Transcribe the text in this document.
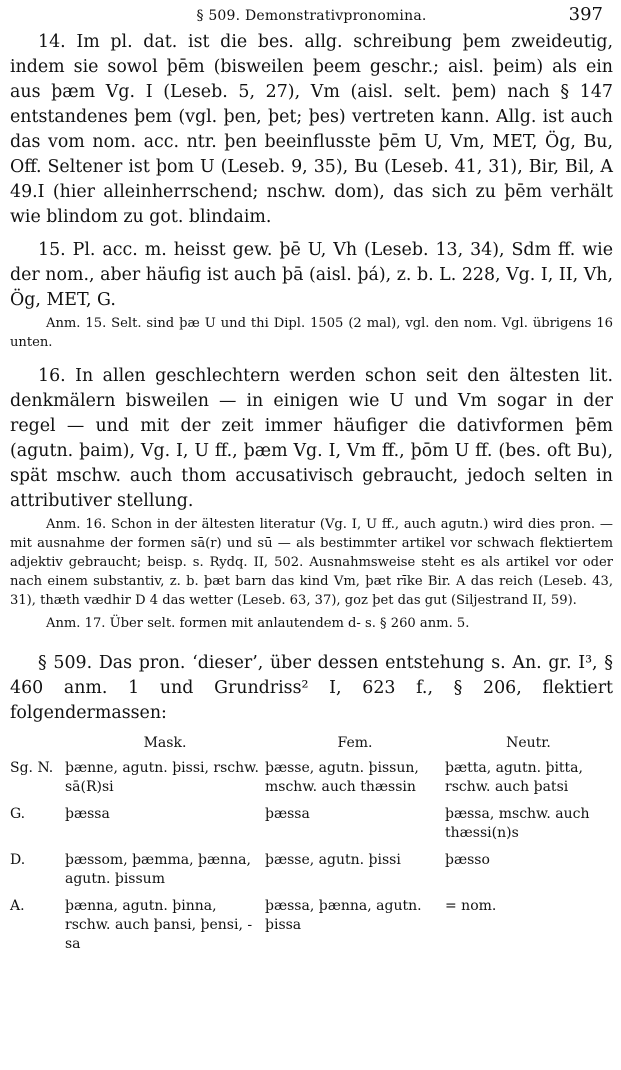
§ 509. Demonstrativpronomina.	397

14. Im pl. dat. ist die bes. allg. schreibung þem zweideutig, indem sie sowol þēm (bisweilen þeem geschr.; aisl. þeim) als ein aus þæm Vg. I (Leseb. 5, 27), Vm (aisl. selt. þem) nach § 147 entstandenes þem (vgl. þen, þet; þes) vertreten kann. Allg. ist auch das vom nom. acc. ntr. þen beeinflusste þēm U, Vm, MET, Ög, Bu, Off. Seltener ist þom U (Leseb. 9, 35), Bu (Leseb. 41, 31), Bir, Bil, A 49.I (hier alleinherrschend; nschw. dom), das sich zu þēm verhält wie blindom zu got. blindaim.

15. Pl. acc. m. heisst gew. þē U, Vh (Leseb. 13, 34), Sdm ff. wie der nom., aber häufig ist auch þā (aisl. þá), z. b. L. 228, Vg. I, II, Vh, Ög, MET, G.

Anm. 15. Selt. sind þæ U und thi Dipl. 1505 (2 mal), vgl. den nom. Vgl. übrigens 16 unten.

16. In allen geschlechtern werden schon seit den ältesten lit. denkmälern bisweilen — in einigen wie U und Vm sogar in der regel — und mit der zeit immer häufiger die dativformen þēm (agutn. þaim), Vg. I, U ff., þæm Vg. I, Vm ff., þōm U ff. (bes. oft Bu), spät mschw. auch thom accusativisch gebraucht, jedoch selten in attributiver stellung.

Anm. 16. Schon in der ältesten literatur (Vg. I, U ff., auch agutn.) wird dies pron. — mit ausnahme der formen sā(r) und sū — als bestimmter artikel vor schwach flektiertem adjektiv gebraucht; beisp. s. Rydq. II, 502. Ausnahmsweise steht es als artikel vor oder nach einem substantiv, z. b. þæt barn das kind Vm, þæt rīke Bir. A das reich (Leseb. 43, 31), thæth vædhir D 4 das wetter (Leseb. 63, 37), goz þet das gut (Siljestrand II, 59).

Anm. 17. Über selt. formen mit anlautendem d- s. § 260 anm. 5.

§ 509. Das pron. ‘dieser’, über dessen entstehung s. An. gr. I³, § 460 anm. 1 und Grundriss² I, 623 f., § 206, flektiert folgendermassen:

	Mask.	Fem.	Neutr.
Sg. N.	þænne, agutn. þissi, rschw. sā(R)si	þæsse, agutn. þissun, mschw. auch thæssin	þætta, agutn. þitta, rschw. auch þatsi
G.	þæssa	þæssa	þæssa, mschw. auch thæssi(n)s
D.	þæssom, þæmma, þænna, agutn. þissum	þæsse, agutn. þissi	þæsso
A.	þænna, agutn. þinna, rschw. auch þansi, þensi, -sa	þæssa, þænna, agutn. þissa	= nom.
